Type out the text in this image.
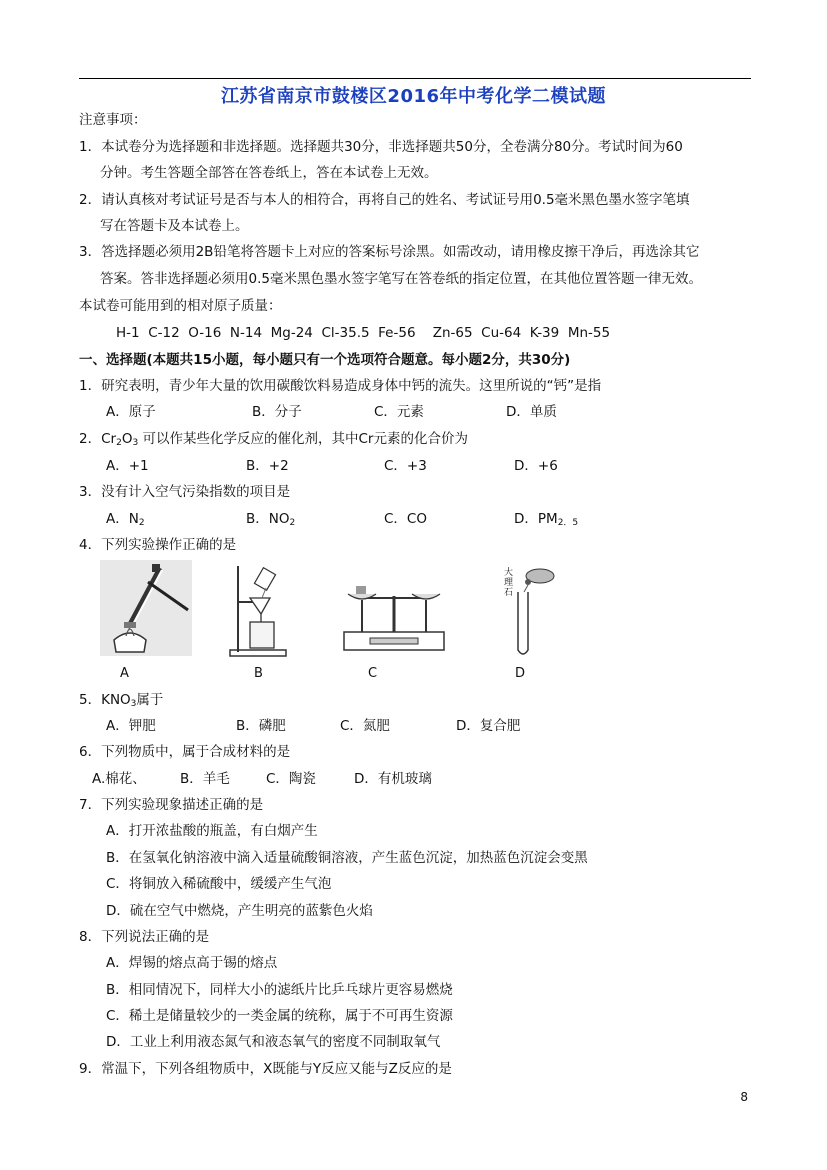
江苏省南京市鼓楼区2016年中考化学二模试题
注意事项：
1．本试卷分为选择题和非选择题。选择题共30分，非选择题共50分，全卷满分80分。考试时间为60
分钟。考生答题全部答在答卷纸上，答在本试卷上无效。
2．请认真核对考试证号是否与本人的相符合，再将自己的姓名、考试证号用0.5毫米黑色墨水签字笔填
写在答题卡及本试卷上。
3．答选择题必须用2B铅笔将答题卡上对应的答案标号涂黑。如需改动，请用橡皮擦干净后，再选涂其它
答案。答非选择题必须用0.5毫米黑色墨水签字笔写在答卷纸的指定位置，在其他位置答题一律无效。
本试卷可能用到的相对原子质量：
H-1  C-12  O-16  N-14  Mg-24  Cl-35.5  Fe-56    Zn-65  Cu-64  K-39  Mn-55
一、选择题(本题共15小题，每小题只有一个选项符合题意。每小题2分，共30分)
1．研究表明，青少年大量的饮用碳酸饮料易造成身体中钙的流失。这里所说的“钙”是指
A．原子	B．分子	C．元素	D．单质
2．$Cr_2O_3$ 可以作某些化学反应的催化剂，其中Cr元素的化合价为
A．+1	B．+2	C．+3	D．+6
3．没有计入空气污染指数的项目是
A．$N_2$	B．$NO_2$	C．CO	D．$PM_{2.5}$
4．下列实验操作正确的是
A	B	C
大理石
D
5．$KNO_3$属于
A．钾肥	B．磷肥	C．氮肥	D．复合肥
6．下列物质中，属于合成材料的是
A.棉花、	B．羊毛	C．陶瓷	D．有机玻璃
7．下列实验现象描述正确的是
A．打开浓盐酸的瓶盖，有白烟产生
B．在氢氧化钠溶液中滴入适量硫酸铜溶液，产生蓝色沉淀，加热蓝色沉淀会变黑
C．将铜放入稀硫酸中，缓缓产生气泡
D．硫在空气中燃烧，产生明亮的蓝紫色火焰
8．下列说法正确的是
A．焊锡的熔点高于锡的熔点
B．相同情况下，同样大小的滤纸片比乒乓球片更容易燃烧
C．稀土是储量较少的一类金属的统称，属于不可再生资源
D．工业上利用液态氮气和液态氧气的密度不同制取氧气
9．常温下，下列各组物质中，X既能与Y反应又能与Z反应的是
8
